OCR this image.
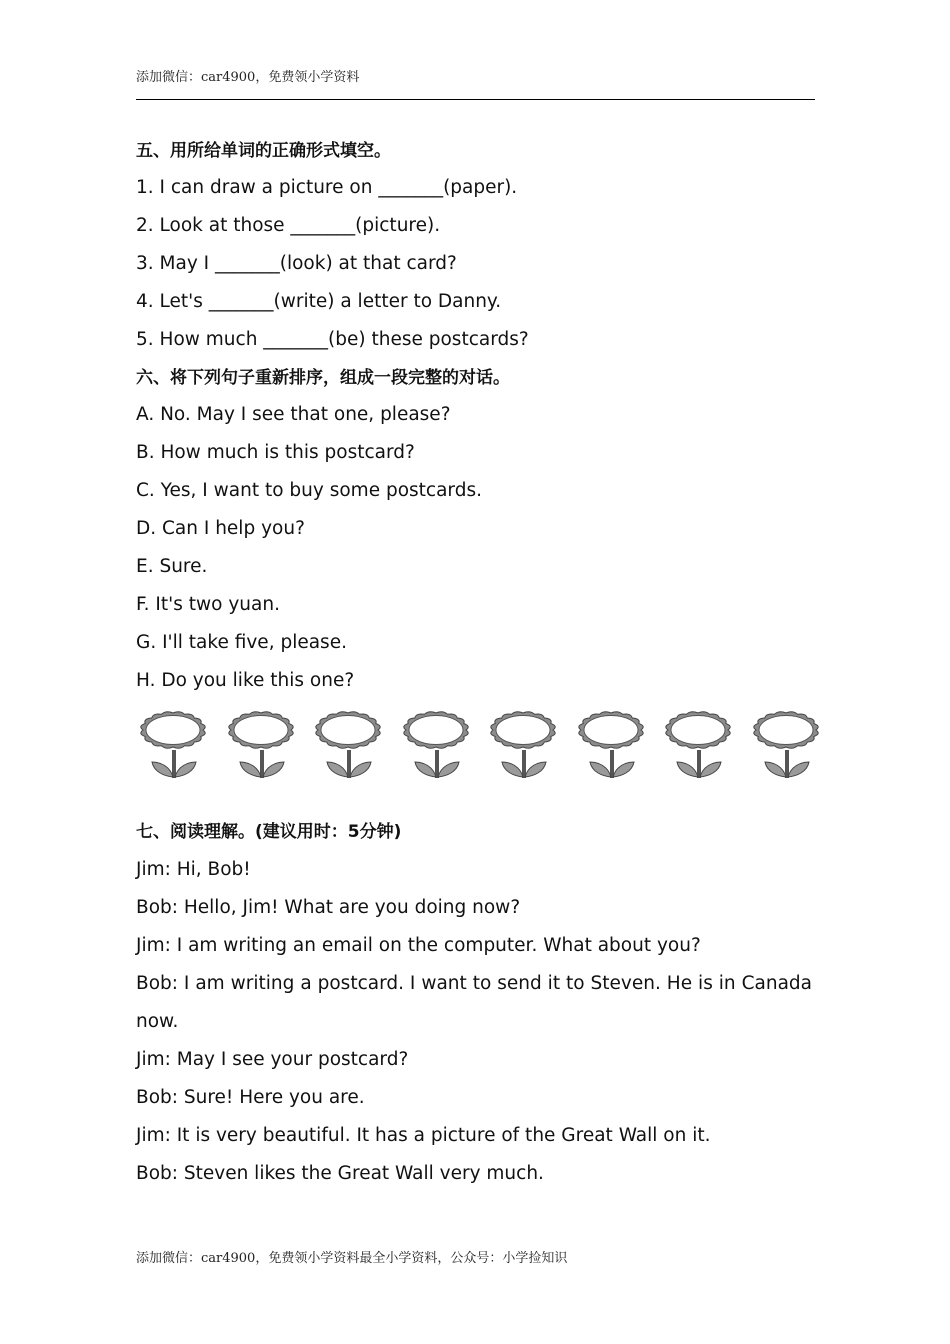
添加微信：car4900，免费领小学资料
五、用所给单词的正确形式填空。
1. I can draw a picture on _______(paper).
2. Look at those _______(picture).
3. May I _______(look) at that card?
4. Let's _______(write) a letter to Danny.
5. How much _______(be) these postcards?
六、将下列句子重新排序，组成一段完整的对话。
A. No. May I see that one, please?
B. How much is this postcard?
C. Yes, I want to buy some postcards.
D. Can I help you?
E. Sure.
F. It's two yuan.
G. I'll take five, please.
H. Do you like this one?
七、阅读理解。(建议用时：5分钟)
Jim: Hi, Bob!
Bob: Hello, Jim! What are you doing now?
Jim: I am writing an email on the computer. What about you?
Bob: I am writing a postcard. I want to send it to Steven. He is in Canada
now.
Jim: May I see your postcard?
Bob: Sure! Here you are.
Jim: It is very beautiful. It has a picture of the Great Wall on it.
Bob: Steven likes the Great Wall very much.
添加微信：car4900，免费领小学资料最全小学资料，公众号：小学捡知识
